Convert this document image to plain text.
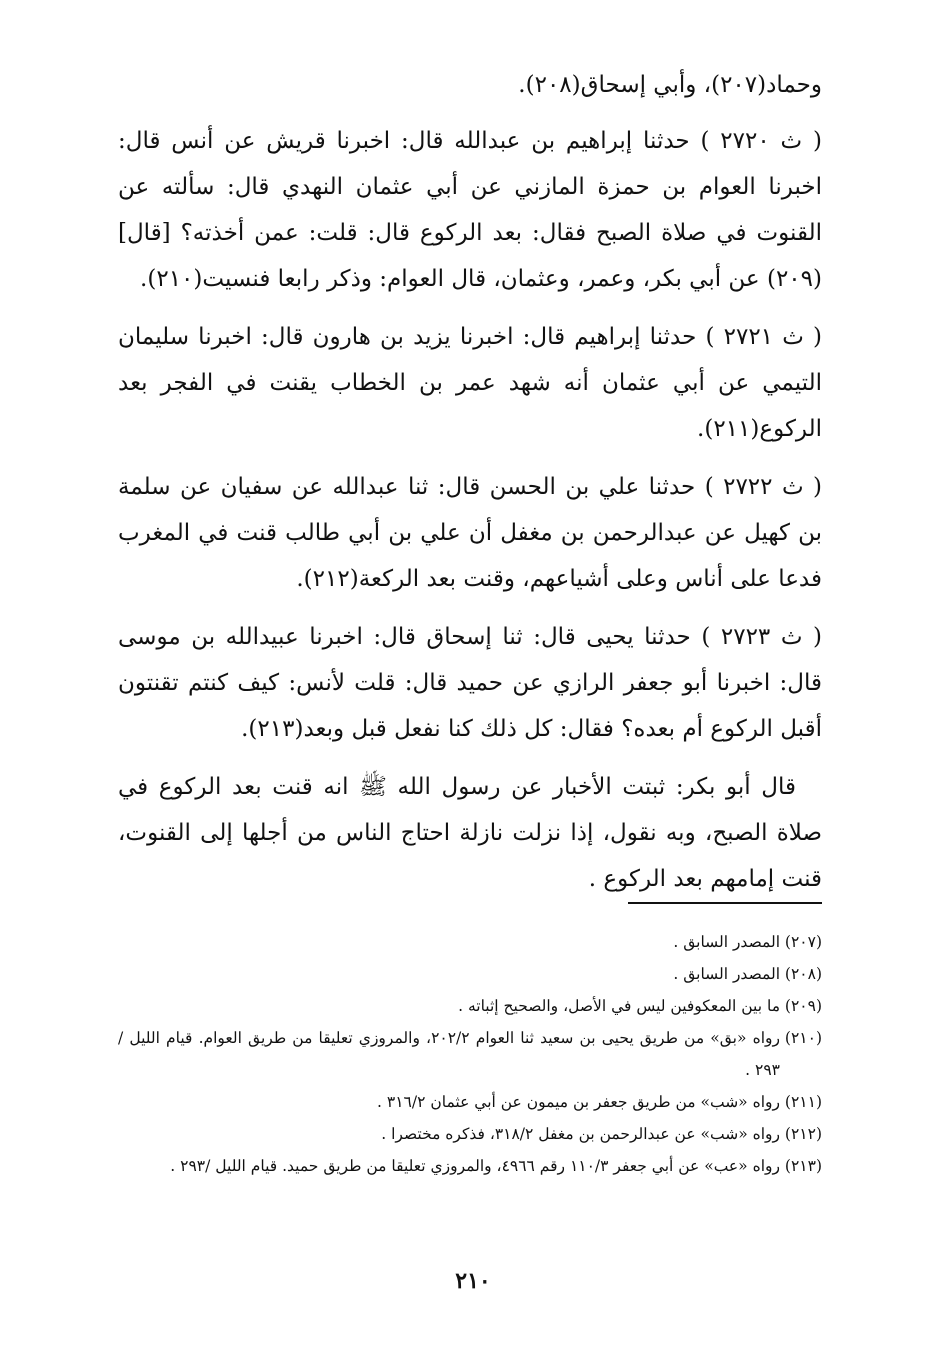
وحماد(٢٠٧)، وأبي إسحاق(٢٠٨).

( ث ٢٧٢٠ ) حدثنا إبراهيم بن عبدالله قال: اخبرنا قريش عن أنس قال: اخبرنا العوام بن حمزة المازني عن أبي عثمان النهدي قال: سألته عن القنوت في صلاة الصبح فقال: بعد الركوع قال: قلت: عمن أخذته؟ [قال](٢٠٩) عن أبي بكر، وعمر، وعثمان، قال العوام: وذكر رابعا فنسيت(٢١٠).

( ث ٢٧٢١ ) حدثنا إبراهيم قال: اخبرنا يزيد بن هارون قال: اخبرنا سليمان التيمي عن أبي عثمان أنه شهد عمر بن الخطاب يقنت في الفجر بعد الركوع(٢١١).

( ث ٢٧٢٢ ) حدثنا علي بن الحسن قال: ثنا عبدالله عن سفيان عن سلمة بن كهيل عن عبدالرحمن بن مغفل أن علي بن أبي طالب قنت في المغرب فدعا على أناس وعلى أشياعهم، وقنت بعد الركعة(٢١٢).

( ث ٢٧٢٣ ) حدثنا يحيى قال: ثنا إسحاق قال: اخبرنا عبيدالله بن موسى قال: اخبرنا أبو جعفر الرازي عن حميد قال: قلت لأنس: كيف كنتم تقنتون أقبل الركوع أم بعده؟ فقال: كل ذلك كنا نفعل قبل وبعد(٢١٣).

قال أبو بكر: ثبتت الأخبار عن رسول الله ﷺ انه قنت بعد الركوع في صلاة الصبح، وبه نقول، إذا نزلت نازلة احتاج الناس من أجلها إلى القنوت، قنت إمامهم بعد الركوع .

(٢٠٧)المصدر السابق .

(٢٠٨)المصدر السابق .

(٢٠٩)ما بين المعكوفين ليس في الأصل، والصحيح إثباته .

(٢١٠)رواه «بق» من طريق يحيى بن سعيد ثنا العوام ٢٠٢/٢، والمروزي تعليقا من طريق العوام. قيام الليل /٢٩٣ .

(٢١١)رواه «شب» من طريق جعفر بن ميمون عن أبي عثمان ٣١٦/٢ .

(٢١٢)رواه «شب» عن عبدالرحمن بن مغفل ٣١٨/٢، فذكره مختصرا .

(٢١٣)رواه «عب» عن أبي جعفر ١١٠/٣ رقم ٤٩٦٦، والمروزي تعليقا من طريق حميد. قيام الليل /٢٩٣ .

٢١٠
